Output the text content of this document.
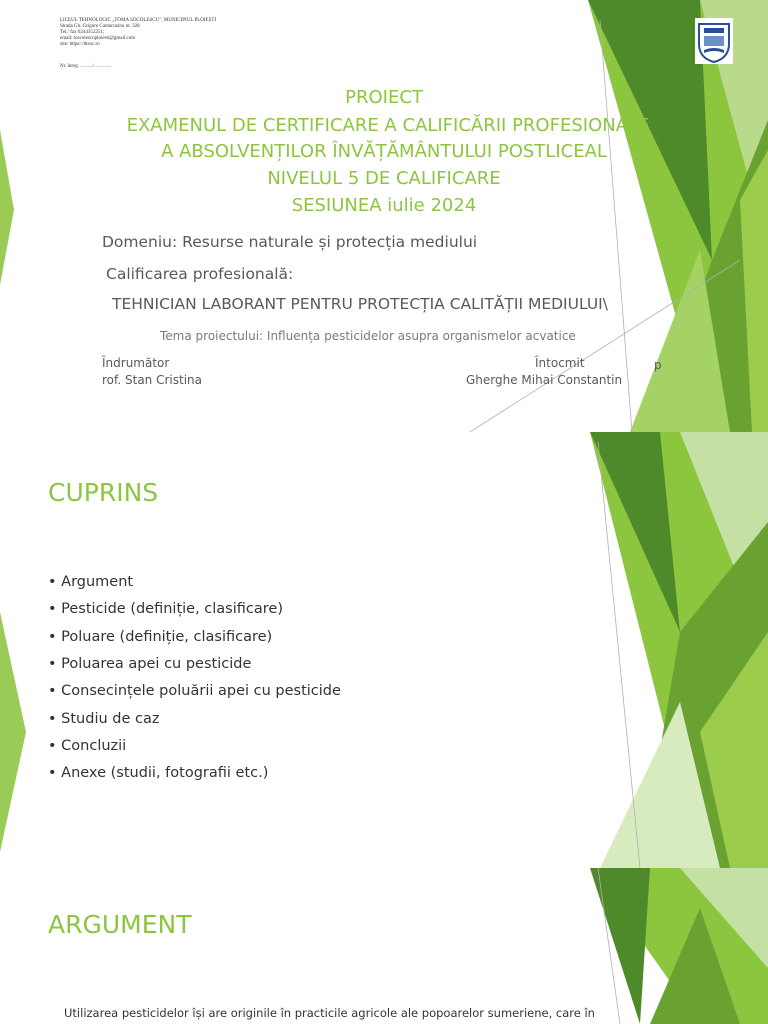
LICEUL TEHNOLOGIC „TOMA SOCOLESCU”, MUNICIPIUL PLOIEȘTI
Strada Gh. Grigore Cantacuzino nr. 328
Tel./ fax 0244352251;
email: toscolescuploiesti@gmail.com
site: https://lttsoc.ro
Nr. înreg………/………..
PROIECT
EXAMENUL DE CERTIFICARE A CALIFICĂRII PROFESIONALE
A ABSOLVENȚILOR ÎNVĂȚĂMÂNTULUI POSTLICEAL
NIVELUL 5 DE CALIFICARE
SESIUNEA iulie 2024
Domeniu: Resurse naturale și protecția mediului
Calificarea profesională:
TEHNICIAN LABORANT PENTRU PROTECȚIA CALITĂȚII MEDIULUI\
Tema proiectului: Influența pesticidelor asupra organismelor acvatice
Îndrumător
rof. Stan Cristina
Întocmit	p
Gherghe Mihai Constantin
CUPRINS
• Argument
• Pesticide (definiție, clasificare)
• Poluare (definiție, clasificare)
• Poluarea apei cu pesticide
• Consecințele poluării apei cu pesticide
• Studiu de caz
• Concluzii
• Anexe (studii, fotografii etc.)
ARGUMENT
Utilizarea pesticidelor își are originile în practicile agricole ale popoarelor sumeriene, care în
